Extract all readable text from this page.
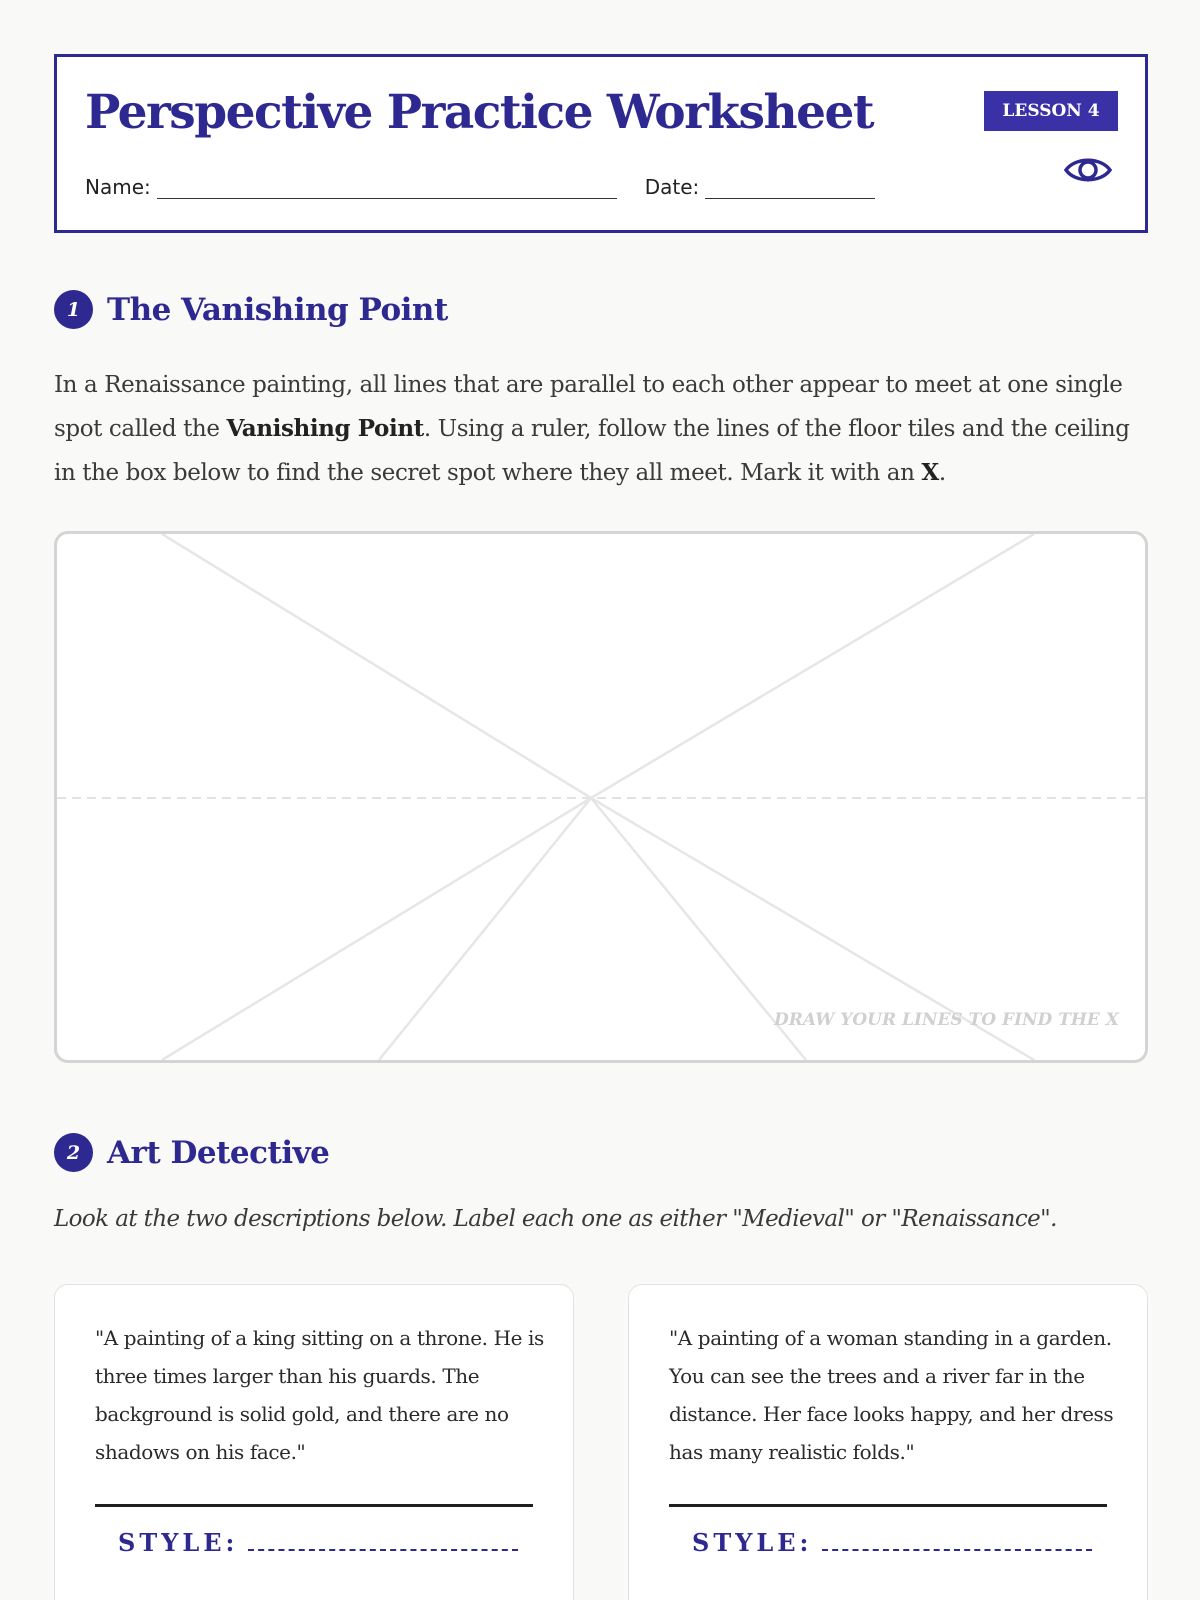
Perspective Practice Worksheet	LESSON 4
Name:	Date:
1 The Vanishing Point

In a Renaissance painting, all lines that are parallel to each other appear to meet at one single spot called the Vanishing Point. Using a ruler, follow the lines of the floor tiles and the ceiling in the box below to find the secret spot where they all meet. Mark it with an X.

DRAW YOUR LINES TO FIND THE X
2 Art Detective

Look at the two descriptions below. Label each one as either "Medieval" or "Renaissance".

"A painting of a king sitting on a throne. He is three times larger than his guards. The background is solid gold, and there are no shadows on his face."

STYLE:

"A painting of a woman standing in a garden. You can see the trees and a river far in the distance. Her face looks happy, and her dress has many realistic folds."

STYLE:
